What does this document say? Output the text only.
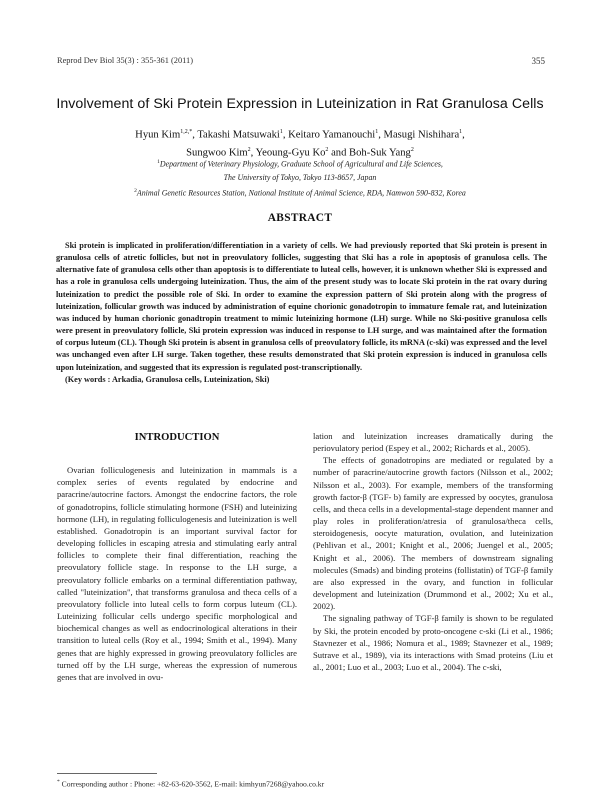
Reprod Dev Biol 35(3) : 355-361 (2011)	355
Involvement of Ski Protein Expression in Luteinization in Rat Granulosa Cells
Hyun Kim$^{1,2,*}$, Takashi Matsuwaki$^1$, Keitaro Yamanouchi$^1$, Masugi Nishihara$^1$,
Sungwoo Kim$^2$, Yeoung-Gyu Ko$^2$ and Boh-Suk Yang$^2$
$^1$Department of Veterinary Physiology, Graduate School of Agricultural and Life Sciences,
The University of Tokyo, Tokyo 113-8657, Japan
$^2$Animal Genetic Resources Station, National Institute of Animal Science, RDA, Namwon 590-832, Korea
ABSTRACT

Ski protein is implicated in proliferation/differentiation in a variety of cells. We had previously reported that Ski protein is present in granulosa cells of atretic follicles, but not in preovulatory follicles, suggesting that Ski has a role in apoptosis of granulosa cells. The alternative fate of granulosa cells other than apoptosis is to differentiate to luteal cells, however, it is unknown whether Ski is expressed and has a role in granulosa cells undergoing luteinization. Thus, the aim of the present study was to locate Ski protein in the rat ovary during luteinization to predict the possible role of Ski. In order to examine the expression pattern of Ski protein along with the progress of luteinization, follicular growth was induced by administration of equine chorionic gonadotropin to immature female rat, and luteinization was induced by human chorionic gonadtropin treatment to mimic luteinizing hormone (LH) surge. While no Ski-positive granulosa cells were present in preovulatory follicle, Ski protein expression was induced in response to LH surge, and was maintained after the formation of corpus luteum (CL). Though Ski protein is absent in granulosa cells of preovulatory follicle, its mRNA (c-ski) was expressed and the level was unchanged even after LH surge. Taken together, these results demonstrated that Ski protein expression is induced in granulosa cells upon luteinization, and suggested that its expression is regulated post-transcriptionally.

(Key words : Arkadia, Granulosa cells, Luteinization, Ski)

INTRODUCTION

Ovarian folliculogenesis and luteinization in mammals is a complex series of events regulated by endocrine and paracrine/autocrine factors. Amongst the endocrine factors, the role of gonadotropins, follicle stimulating hormone (FSH) and luteinizing hormone (LH), in regulating folliculogenesis and luteinization is well established. Gonadotropin is an important survival factor for developing follicles in escaping atresia and stimulating early antral follicles to complete their final differentiation, reaching the preovulatory follicle stage. In response to the LH surge, a preovulatory follicle embarks on a terminal differentiation pathway, called "luteinization", that transforms granulosa and theca cells of a preovulatory follicle into luteal cells to form corpus luteum (CL). Luteinizing follicular cells undergo specific morphological and biochemical changes as well as endocrinological alterations in their transition to luteal cells (Roy et al., 1994; Smith et al., 1994). Many genes that are highly expressed in growing preovulatory follicles are turned off by the LH surge, whereas the expression of numerous genes that are involved in ovu-

lation and luteinization increases dramatically during the periovulatory period (Espey et al., 2002; Richards et al., 2005).

The effects of gonadotropins are mediated or regulated by a number of paracrine/autocrine growth factors (Nilsson et al., 2002; Nilsson et al., 2003). For example, members of the transforming growth factor-β (TGF- b) family are expressed by oocytes, granulosa cells, and theca cells in a developmental-stage dependent manner and play roles in proliferation/atresia of granulosa/theca cells, steroidogenesis, oocyte maturation, ovulation, and luteinization (Pehlivan et al., 2001; Knight et al., 2006; Juengel et al., 2005; Knight et al., 2006). The members of downstream signaling molecules (Smads) and binding proteins (follistatin) of TGF-β family are also expressed in the ovary, and function in follicular development and luteinization (Drummond et al., 2002; Xu et al., 2002).

The signaling pathway of TGF-β family is shown to be regulated by Ski, the protein encoded by proto-oncogene c-ski (Li et al., 1986; Stavnezer et al., 1986; Nomura et al., 1989; Stavnezer et al., 1989; Sutrave et al., 1989), via its interactions with Smad proteins (Liu et al., 2001; Luo et al., 2003; Luo et al., 2004). The c-ski,

* Corresponding author : Phone: +82-63-620-3562, E-mail: kimhyun7268@yahoo.co.kr
